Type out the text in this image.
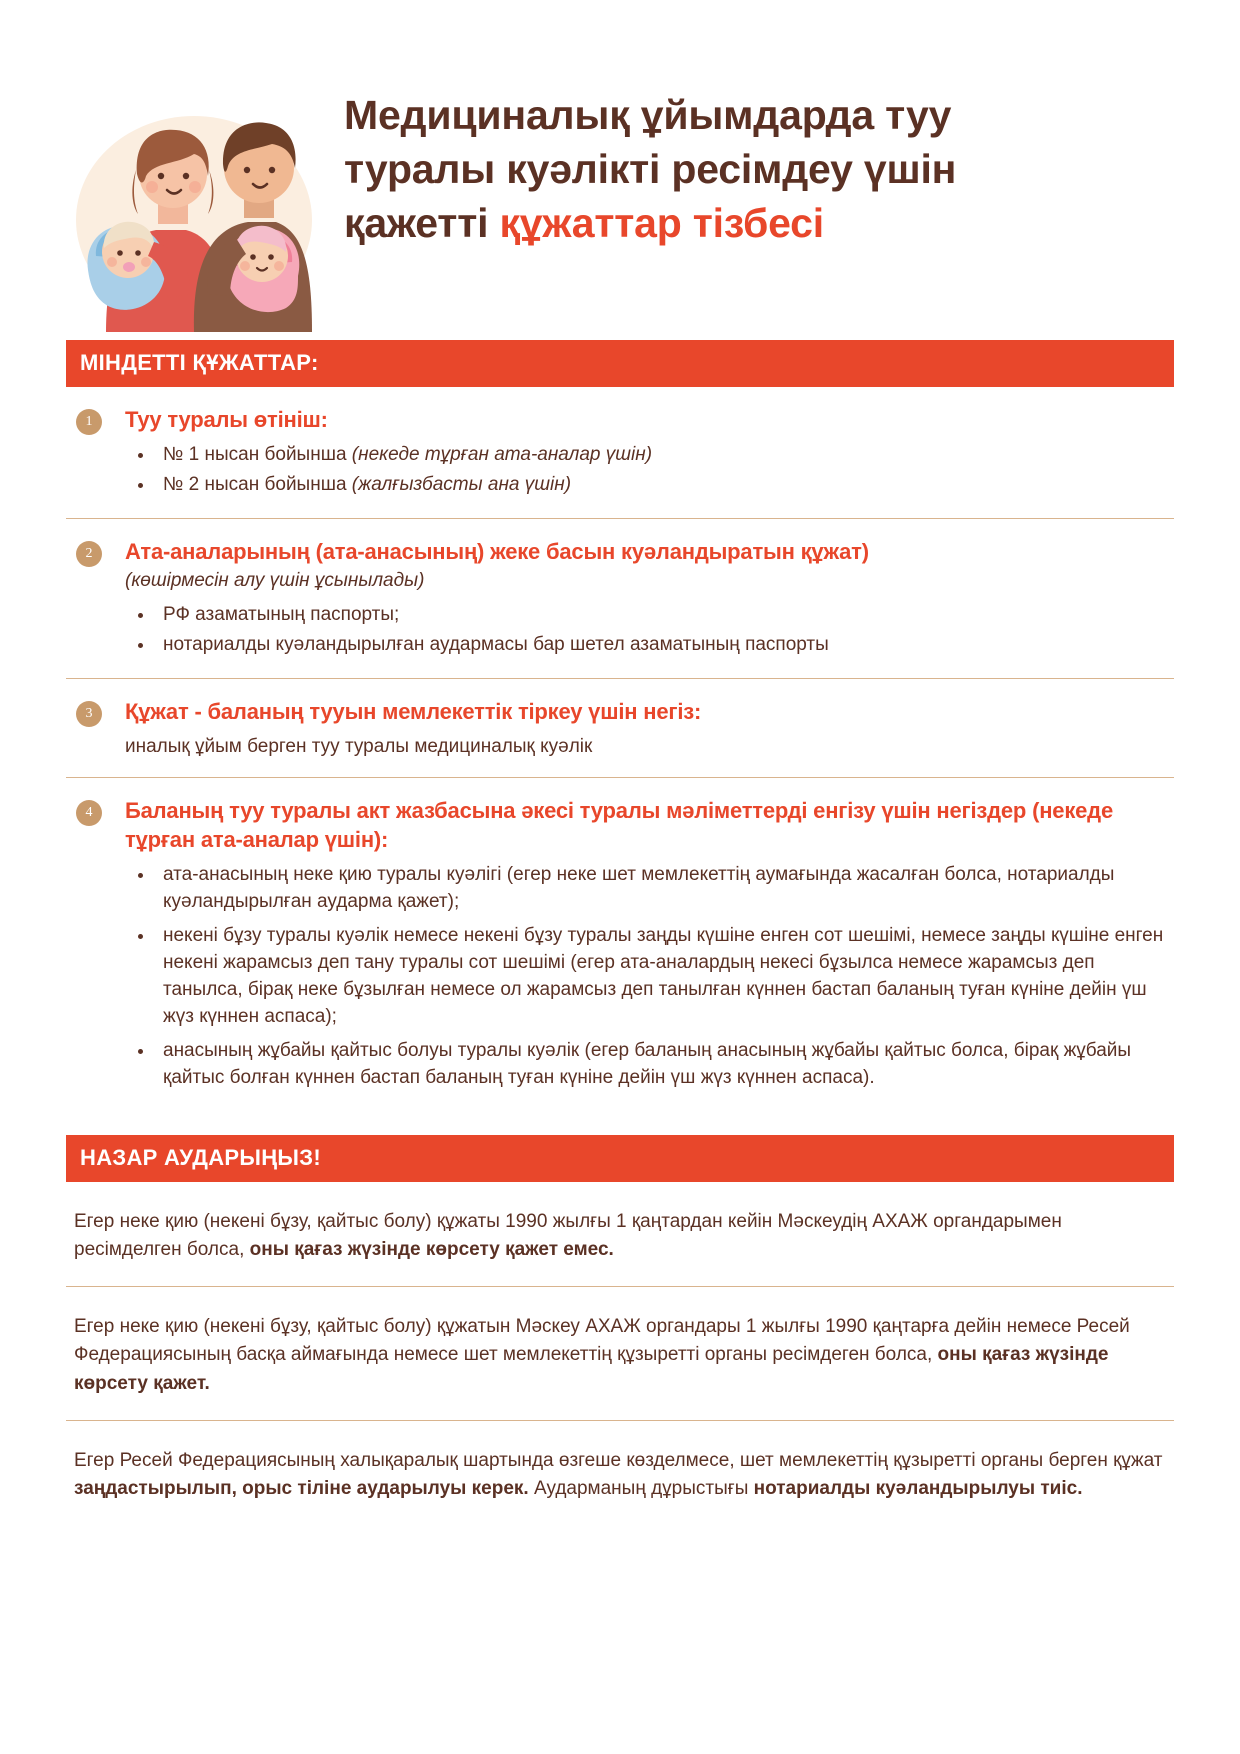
Медициналық ұйымдарда туу
туралы куәлікті ресімдеу үшін
қажетті құжаттар тізбесі
МІНДЕТТІ ҚҰЖАТТАР:
1	Туу туралы өтініш:
№ 1 нысан бойынша (некеде тұрған ата-аналар үшін)
№ 2 нысан бойынша (жалғызбасты ана үшін)
2	Ата-аналарының (ата-анасының) жеке басын куәландыратын құжат)
(көшірмесін алу үшін ұсынылады)
РФ азаматының паспорты;
нотариалды куәландырылған аудармасы бар шетел азаматының паспорты
3	Құжат - баланың тууын мемлекеттік тіркеу үшін негіз:
иналық ұйым берген туу туралы медициналық куәлік
4	Баланың туу туралы акт жазбасына әкесі туралы мәліметтерді енгізу үшін негіздер (некеде тұрған ата-аналар үшін):
ата-анасының неке қию туралы куәлігі (егер неке шет мемлекеттің аумағында жасалған болса, нотариалды куәландырылған аударма қажет);
некені бұзу туралы куәлік немесе некені бұзу туралы заңды күшіне енген сот шешімі, немесе заңды күшіне енген некені жарамсыз деп тану туралы сот шешімі (егер ата-аналардың некесі бұзылса немесе жарамсыз деп танылса, бірақ неке бұзылған немесе ол жарамсыз деп танылған күннен бастап баланың туған күніне дейін үш жүз күннен аспаса);
анасының жұбайы қайтыс болуы туралы куәлік (егер баланың анасының жұбайы қайтыс болса, бірақ жұбайы қайтыс болған күннен бастап баланың туған күніне дейін үш жүз күннен аспаса).
НАЗАР АУДАРЫҢЫЗ!
Егер неке қию (некені бұзу, қайтыс болу) құжаты 1990 жылғы 1 қаңтардан кейін Мәскеудің АХАЖ органдарымен ресімделген болса, оны қағаз жүзінде көрсету қажет емес.
Егер неке қию (некені бұзу, қайтыс болу) құжатын Мәскеу АХАЖ органдары 1 жылғы 1990 қаңтарға дейін немесе Ресей Федерациясының басқа аймағында немесе шет мемлекеттің құзыретті органы ресімдеген болса, оны қағаз жүзінде көрсету қажет.
Егер Ресей Федерациясының халықаралық шартында өзгеше көзделмесе, шет мемлекеттің құзыретті органы берген құжат заңдастырылып, орыс тіліне аударылуы керек. Аударманың дұрыстығы нотариалды куәландырылуы тиіс.
